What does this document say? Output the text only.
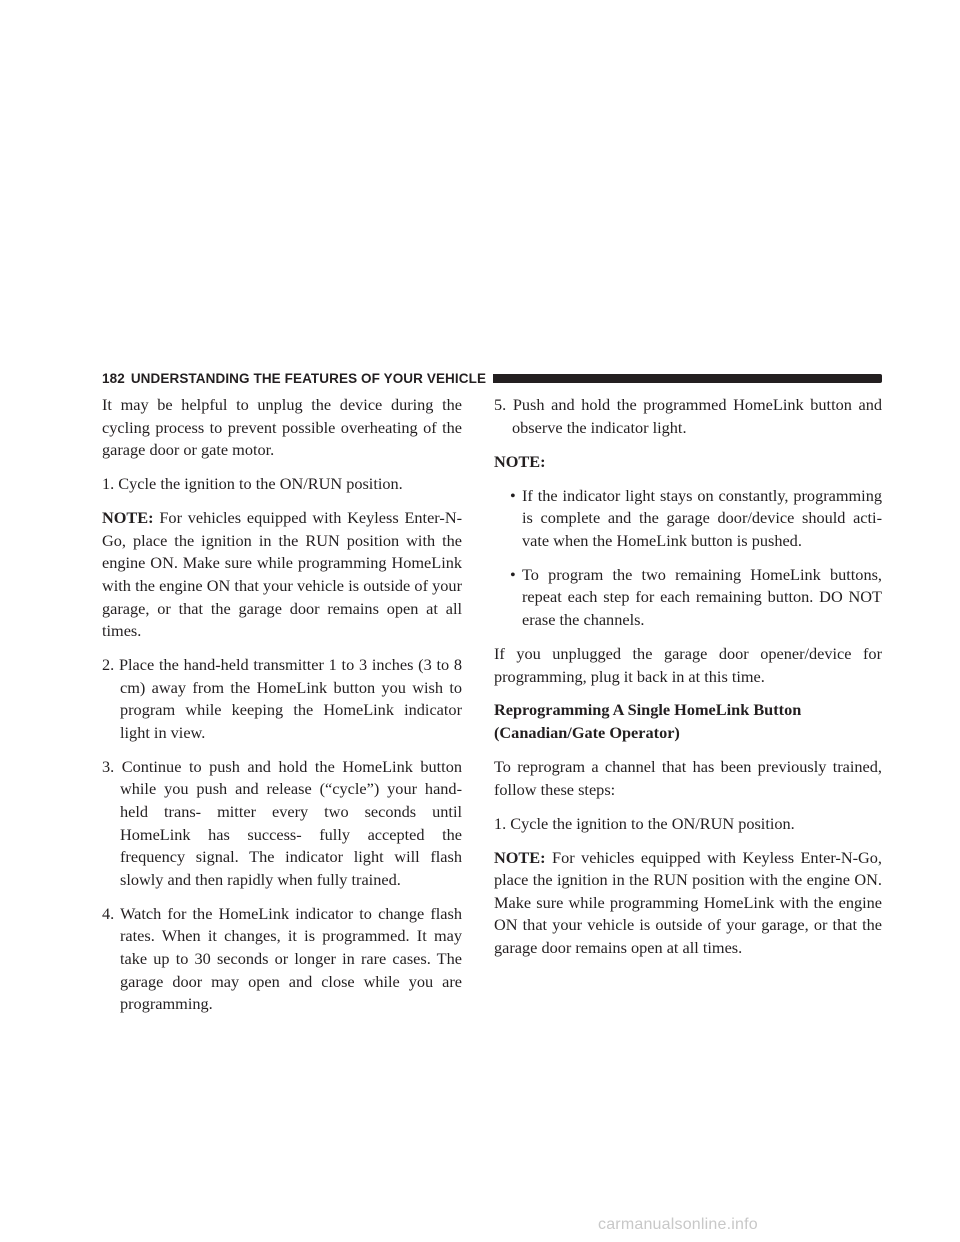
182 UNDERSTANDING THE FEATURES OF YOUR VEHICLE

It may be helpful to unplug the device during the cycling process to prevent possible overheating of the garage door or gate motor.

1. Cycle the ignition to the ON/RUN position.

NOTE: For vehicles equipped with Keyless Enter-N-Go, place the ignition in the RUN position with the engine ON. Make sure while programming HomeLink with the engine ON that your vehicle is outside of your garage, or that the garage door remains open at all times.

2. Place the hand-held transmitter 1 to 3 inches (3 to 8 cm) away from the HomeLink button you wish to program while keeping the HomeLink indicator light in view.

3. Continue to push and hold the HomeLink button while you push and release (“cycle”) your hand-held trans- mitter every two seconds until HomeLink has success- fully accepted the frequency signal. The indicator light will flash slowly and then rapidly when fully trained.

4. Watch for the HomeLink indicator to change flash rates. When it changes, it is programmed. It may take up to 30 seconds or longer in rare cases. The garage door may open and close while you are programming.

5. Push and hold the programmed HomeLink button and observe the indicator light.

NOTE:

• If the indicator light stays on constantly, programming is complete and the garage door/device should acti- vate when the HomeLink button is pushed.

• To program the two remaining HomeLink buttons, repeat each step for each remaining button. DO NOT erase the channels.

If you unplugged the garage door opener/device for programming, plug it back in at this time.

Reprogramming A Single HomeLink Button
(Canadian/Gate Operator)

To reprogram a channel that has been previously trained, follow these steps:

1. Cycle the ignition to the ON/RUN position.

NOTE: For vehicles equipped with Keyless Enter-N-Go, place the ignition in the RUN position with the engine ON. Make sure while programming HomeLink with the engine ON that your vehicle is outside of your garage, or that the garage door remains open at all times.

carmanualsonline.info
